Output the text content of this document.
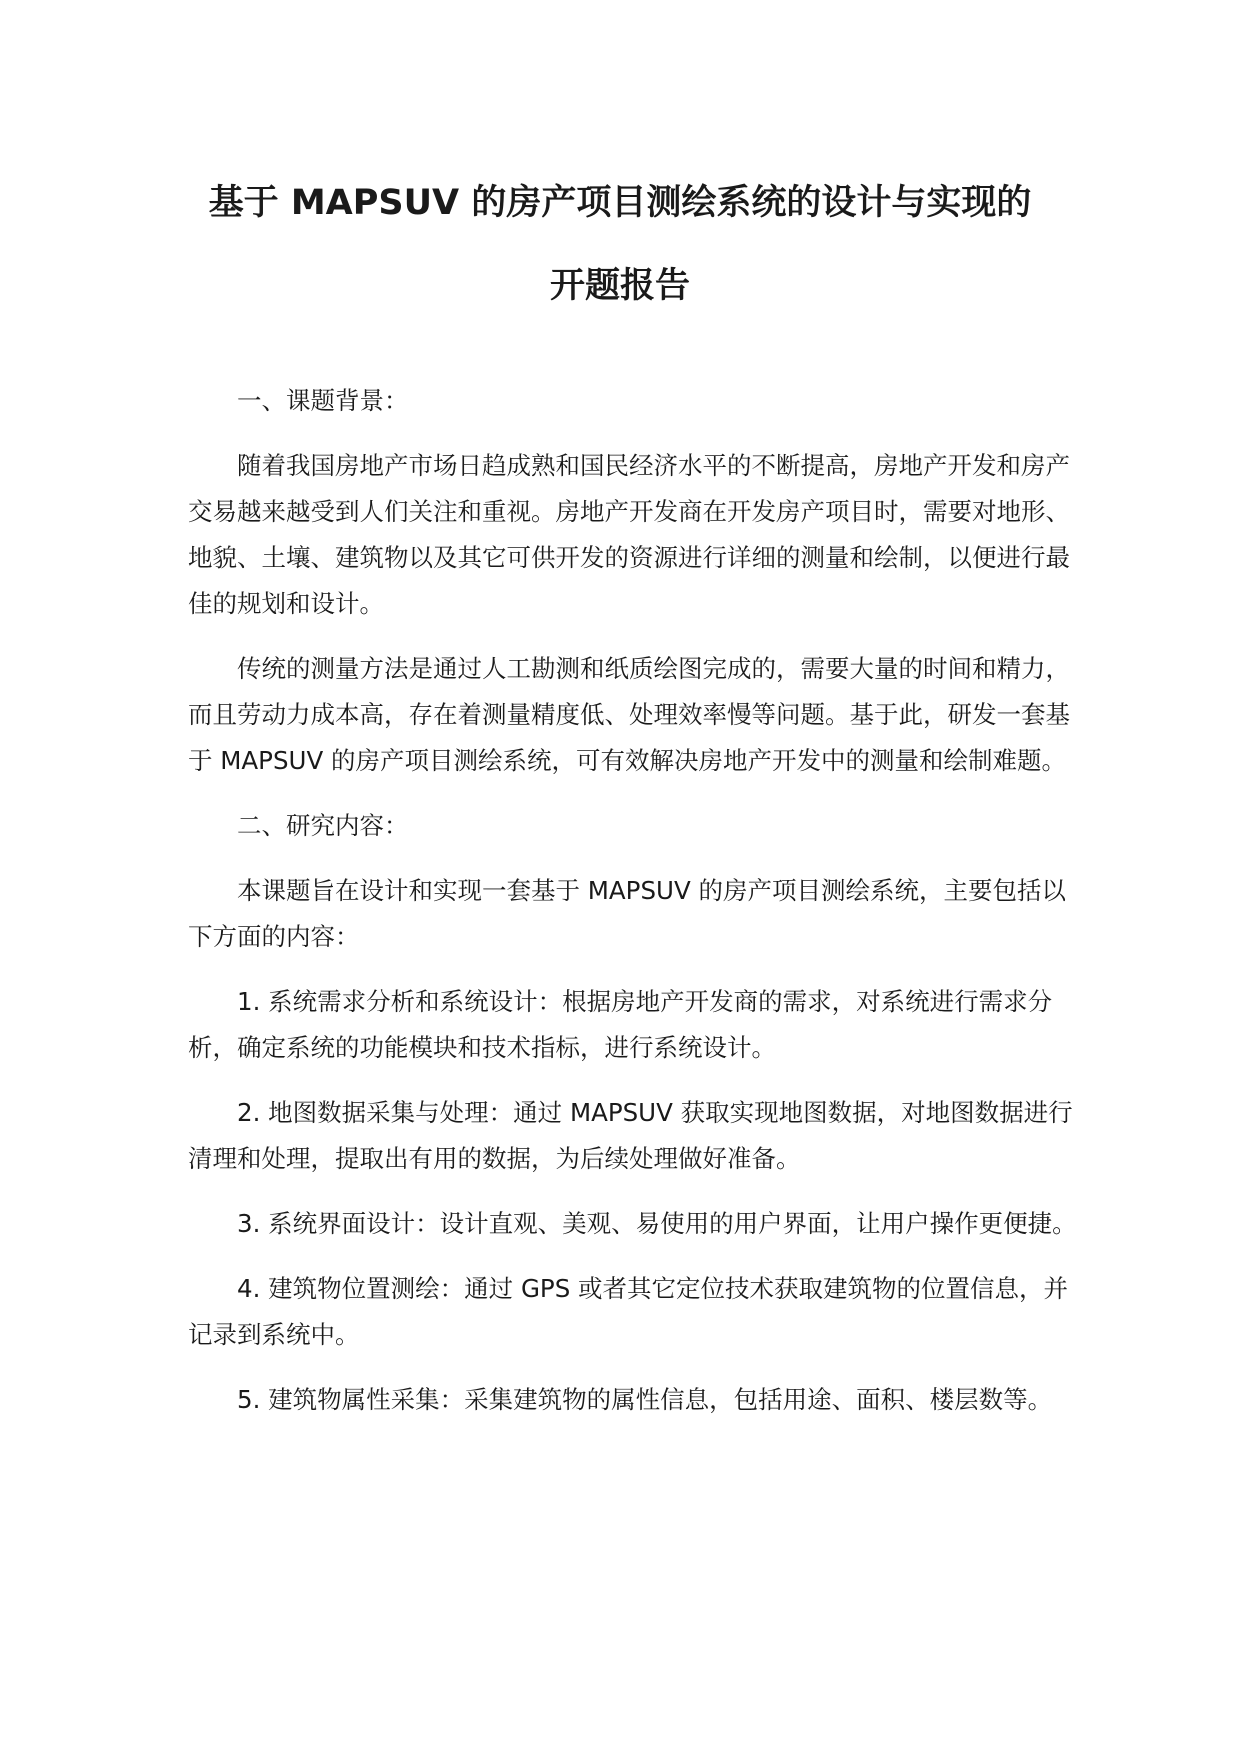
基于 MAPSUV 的房产项目测绘系统的设计与实现的
开题报告

一、课题背景：

随着我国房地产市场日趋成熟和国民经济水平的不断提高，房地产开发和房产交易越来越受到人们关注和重视。房地产开发商在开发房产项目时，需要对地形、地貌、土壤、建筑物以及其它可供开发的资源进行详细的测量和绘制，以便进行最佳的规划和设计。

传统的测量方法是通过人工勘测和纸质绘图完成的，需要大量的时间和精力，而且劳动力成本高，存在着测量精度低、处理效率慢等问题。基于此，研发一套基于 MAPSUV 的房产项目测绘系统，可有效解决房地产开发中的测量和绘制难题。

二、研究内容：

本课题旨在设计和实现一套基于 MAPSUV 的房产项目测绘系统，主要包括以下方面的内容：

1. 系统需求分析和系统设计：根据房地产开发商的需求，对系统进行需求分析，确定系统的功能模块和技术指标，进行系统设计。

2. 地图数据采集与处理：通过 MAPSUV 获取实现地图数据，对地图数据进行清理和处理，提取出有用的数据，为后续处理做好准备。

3. 系统界面设计：设计直观、美观、易使用的用户界面，让用户操作更便捷。

4. 建筑物位置测绘：通过 GPS 或者其它定位技术获取建筑物的位置信息，并记录到系统中。

5. 建筑物属性采集：采集建筑物的属性信息，包括用途、面积、楼层数等。
